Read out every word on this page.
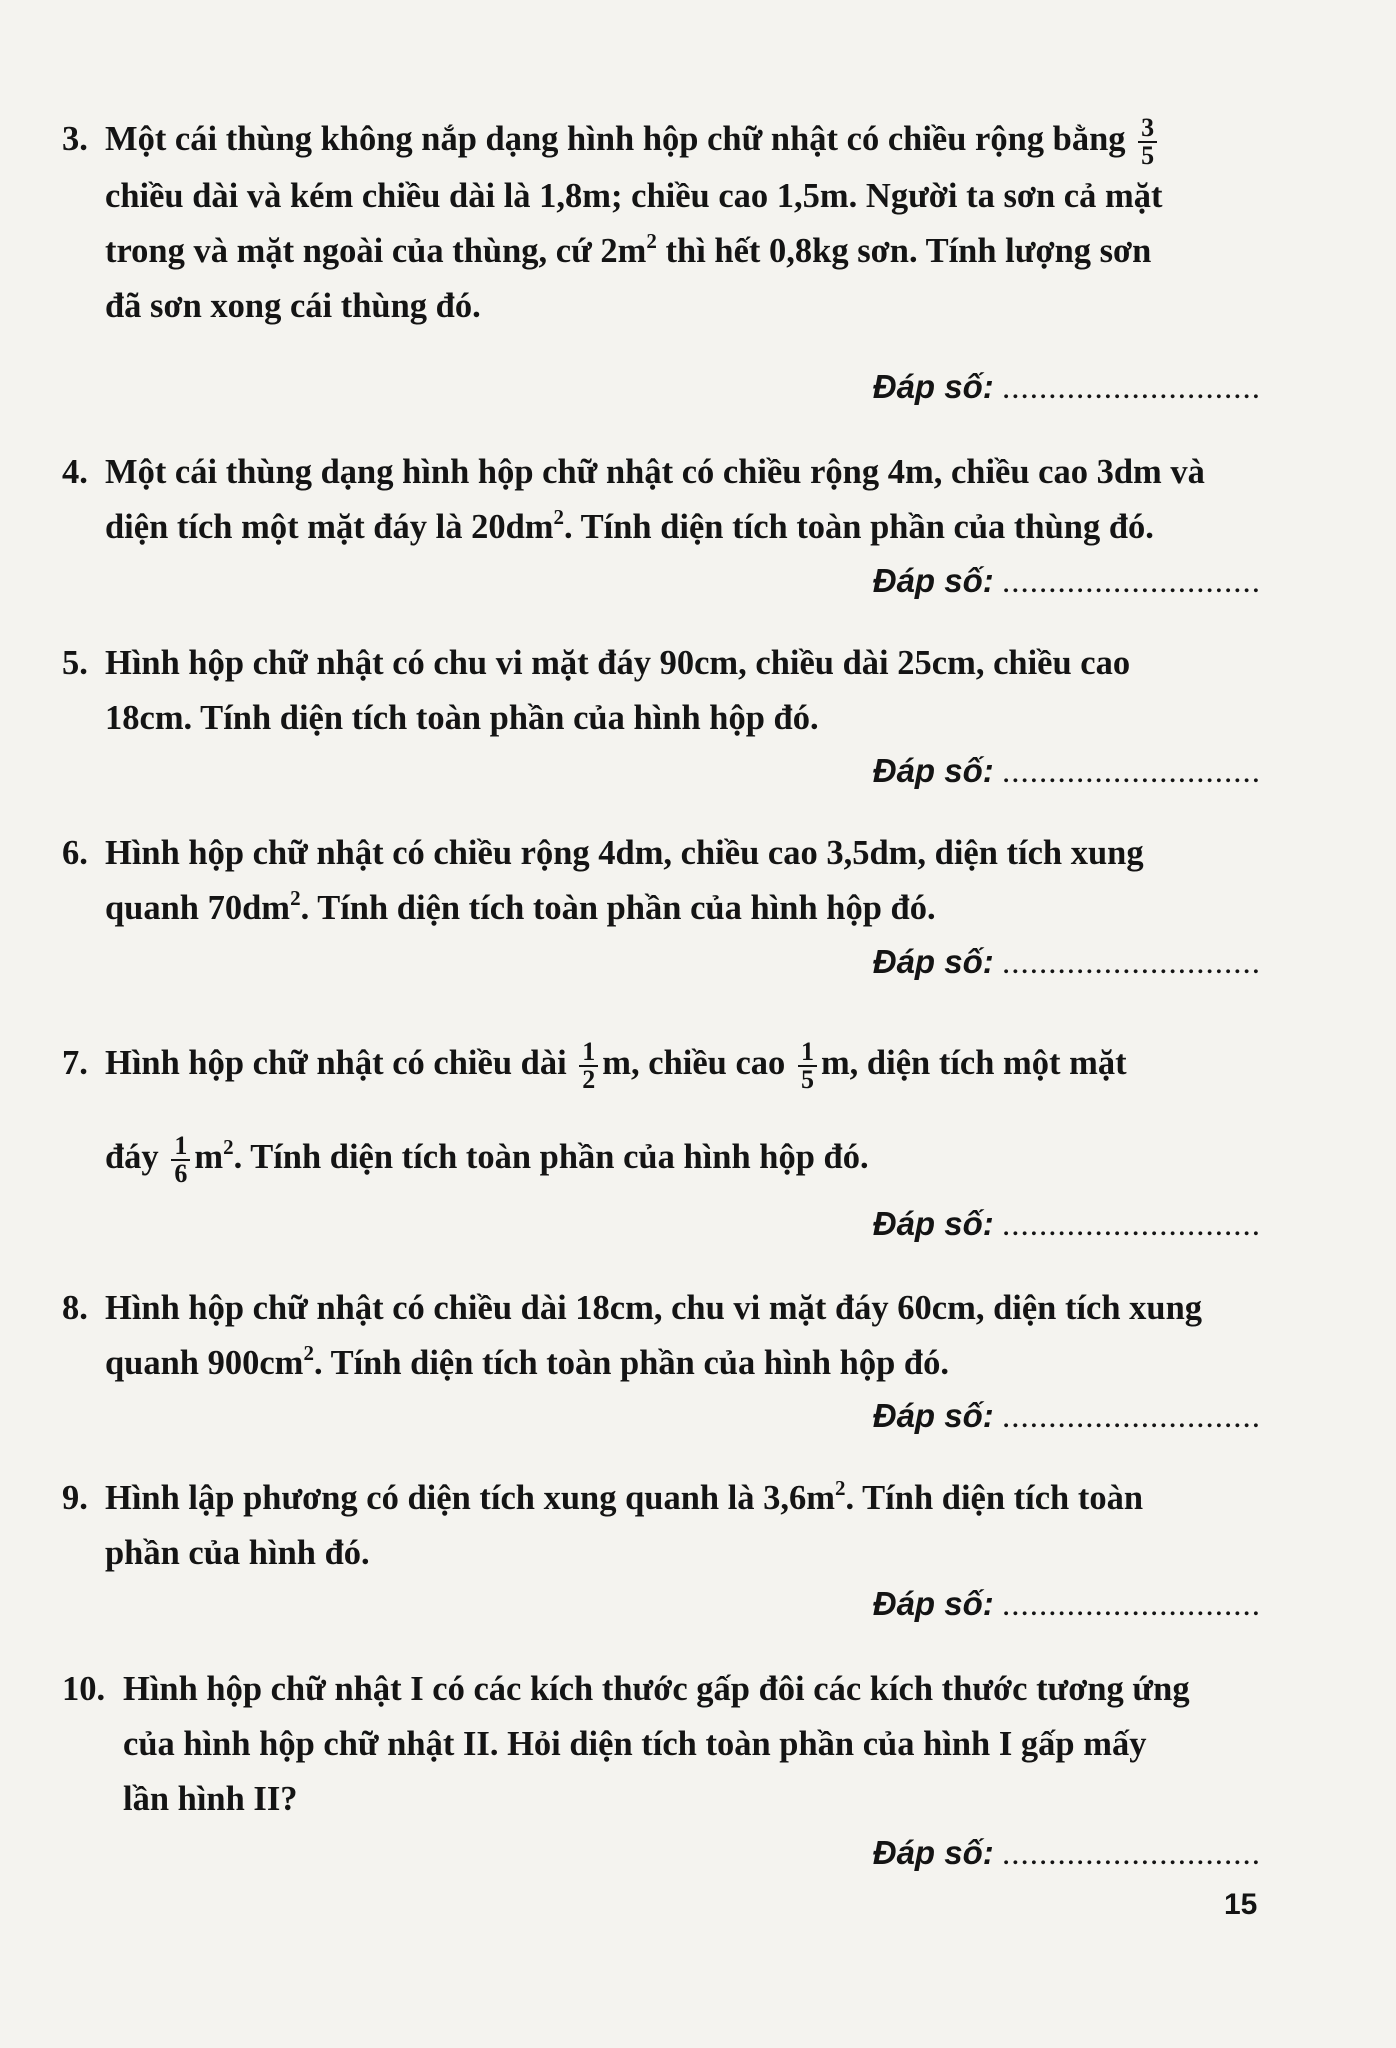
3. Một cái thùng không nắp dạng hình hộp chữ nhật có chiều rộng bằng $\frac{3}{5}$
chiều dài và kém chiều dài là 1,8m; chiều cao 1,5m. Người ta sơn cả mặt
trong và mặt ngoài của thùng, cứ $2m^2$ thì hết 0,8kg sơn. Tính lượng sơn
đã sơn xong cái thùng đó.
Đáp số: ............................
4. Một cái thùng dạng hình hộp chữ nhật có chiều rộng 4m, chiều cao 3dm và
diện tích một mặt đáy là $20dm^2$. Tính diện tích toàn phần của thùng đó.
Đáp số: ............................
5. Hình hộp chữ nhật có chu vi mặt đáy 90cm, chiều dài 25cm, chiều cao
18cm. Tính diện tích toàn phần của hình hộp đó.
Đáp số: ............................
6. Hình hộp chữ nhật có chiều rộng 4dm, chiều cao 3,5dm, diện tích xung
quanh $70dm^2$. Tính diện tích toàn phần của hình hộp đó.
Đáp số: ............................
7. Hình hộp chữ nhật có chiều dài $\frac{1}{2} m$, chiều cao $\frac{1}{5} m$, diện tích một mặt
đáy $\frac{1}{6} m^2$. Tính diện tích toàn phần của hình hộp đó.
Đáp số: ............................
8. Hình hộp chữ nhật có chiều dài 18cm, chu vi mặt đáy 60cm, diện tích xung
quanh $900cm^2$. Tính diện tích toàn phần của hình hộp đó.
Đáp số: ............................
9. Hình lập phương có diện tích xung quanh là $3,6m^2$. Tính diện tích toàn
phần của hình đó.
Đáp số: ............................
10. Hình hộp chữ nhật I có các kích thước gấp đôi các kích thước tương ứng
của hình hộp chữ nhật II. Hỏi diện tích toàn phần của hình I gấp mấy
lần hình II?
Đáp số: ............................
15
